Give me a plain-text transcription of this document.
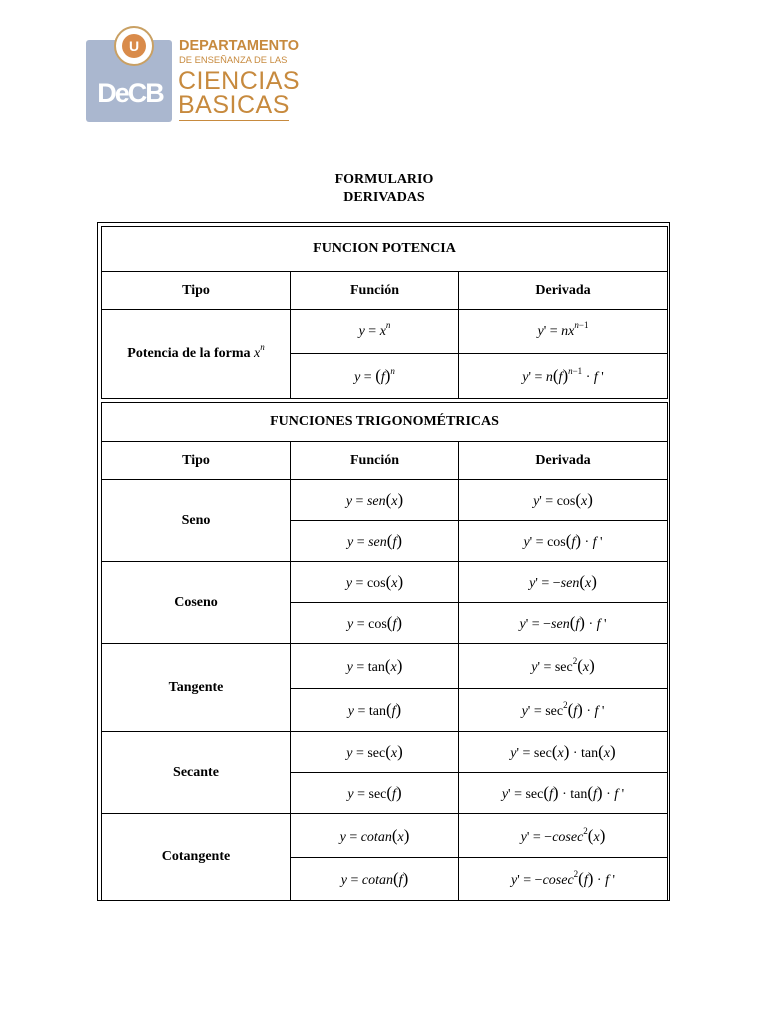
DeCB
U	DEPARTAMENTO
DE ENSEÑANZA DE LAS
CIENCIAS
BASICAS
FORMULARIO
DERIVADAS
FUNCION POTENCIA		
Tipo	Función	Derivada
Potencia de la forma $x^n$	$y = x^n$	$y' = nx^{n-1}$
	$y = (f)^n$	$y' = n(f)^{n-1} \cdot f$ '
FUNCIONES TRIGONOMÉTRICAS		
Tipo	Función	Derivada
Seno	y = sen(x)	y' = cos(x)
	y = sen(f)	y' = cos(f) · f '
Coseno	y = cos(x)	y' = −sen(x)
	y = cos(f)	y' = −sen(f) · f '
Tangente	y = tan(x)	$y' = \sec^2(x)$
	y = tan(f)	$y' = \sec^2(f) \cdot f$ '
Secante	y = sec(x)	y' = sec(x) · tan(x)
	y = sec(f)	y' = sec(f) · tan(f) · f '
Cotangente	y = cotan(x)	y' = −cosec$^2$(x)
	y = cotan(f)	y' = −cosec$^2$(f) · f '
